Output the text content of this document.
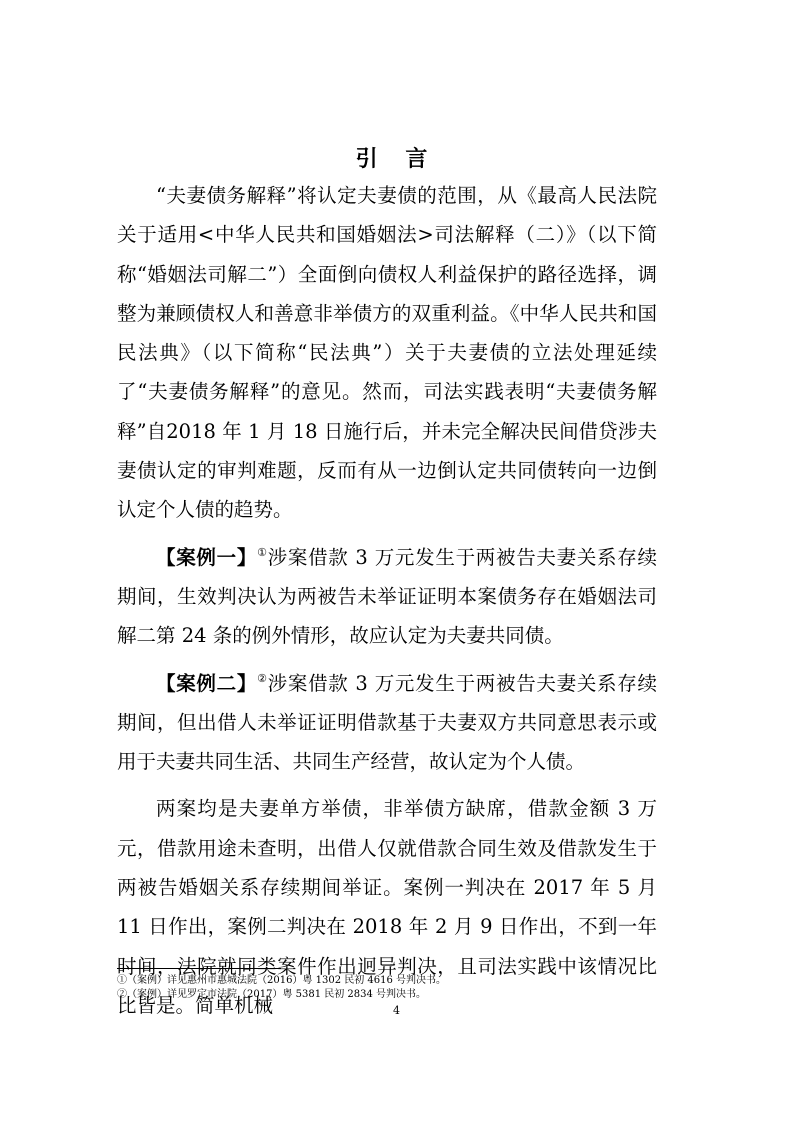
引 言

“夫妻债务解释”将认定夫妻债的范围，从《最高人民法院关于适用<中华人民共和国婚姻法>司法解释（二）》（以下简称“婚姻法司解二”）全面倒向债权人利益保护的路径选择，调整为兼顾债权人和善意非举债方的双重利益。《中华人民共和国民法典》（以下简称“民法典”）关于夫妻债的立法处理延续了“夫妻债务解释”的意见。然而，司法实践表明“夫妻债务解释”自2018 年 1 月 18 日施行后，并未完全解决民间借贷涉夫妻债认定的审判难题，反而有从一边倒认定共同债转向一边倒认定个人债的趋势。

【案例一】①涉案借款 3 万元发生于两被告夫妻关系存续期间，生效判决认为两被告未举证证明本案债务存在婚姻法司解二第 24 条的例外情形，故应认定为夫妻共同债。

【案例二】②涉案借款 3 万元发生于两被告夫妻关系存续期间，但出借人未举证证明借款基于夫妻双方共同意思表示或用于夫妻共同生活、共同生产经营，故认定为个人债。

两案均是夫妻单方举债，非举债方缺席，借款金额 3 万元，借款用途未查明，出借人仅就借款合同生效及借款发生于两被告婚姻关系存续期间举证。案例一判决在 2017 年 5 月 11 日作出，案例二判决在 2018 年 2 月 9 日作出，不到一年时间，法院就同类案件作出迥异判决，且司法实践中该情况比比皆是。简单机械

①（案例）详见惠州市惠城法院（2016）粤 1302 民初 4616 号判决书。

②（案例）详见罗定市法院（2017）粤 5381 民初 2834 号判决书。

4
